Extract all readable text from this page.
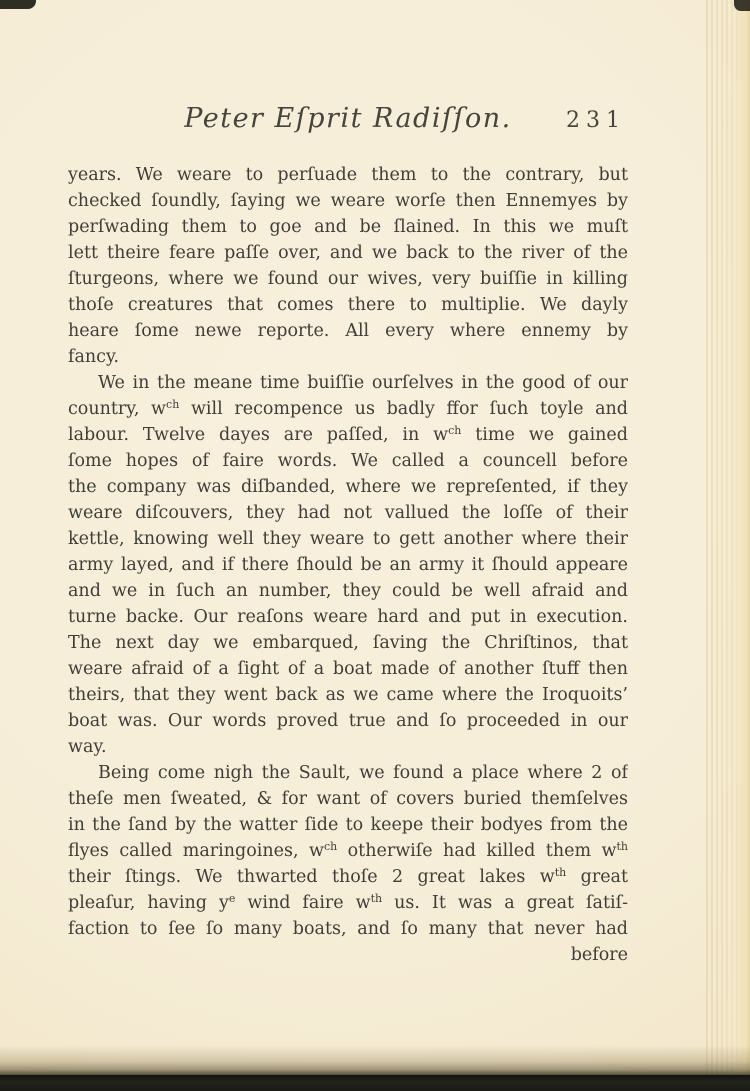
Peter Eſprit Radiſſon. 231
years. We weare to perſuade them to the contrary, but
checked ſoundly, ſaying we weare worſe then Ennemyes by
perſwading them to goe and be ſlained. In this we muſt
lett theire feare paſſe over, and we back to the river of the
ſturgeons, where we found our wives, very buiſſie in killing
thoſe creatures that comes there to multiplie. We dayly
heare ſome newe reporte. All every where ennemy by
fancy.
We in the meane time buiſſie ourſelves in the good of our
country, $w^{ch}$ will recompence us badly ffor ſuch toyle and
labour. Twelve dayes are paſſed, in $w^{ch}$ time we gained
ſome hopes of faire words. We called a councell before
the company was diſbanded, where we repreſented, if they
weare diſcouvers, they had not vallued the loſſe of their
kettle, knowing well they weare to gett another where their
army layed, and if there ſhould be an army it ſhould appeare
and we in ſuch an number, they could be well afraid and
turne backe. Our reaſons weare hard and put in execution.
The next day we embarqued, ſaving the Chriſtinos, that
weare afraid of a ſight of a boat made of another ſtuff then
theirs, that they went back as we came where the Iroquoits’
boat was. Our words proved true and ſo proceeded in our
way.
Being come nigh the Sault, we found a place where 2 of
theſe men ſweated, & for want of covers buried themſelves
in the ſand by the watter ſide to keepe their bodyes from the
flyes called maringoines, $w^{ch}$ otherwiſe had killed them $w^{th}$
their ſtings. We thwarted thoſe 2 great lakes $w^{th}$ great
pleaſur, having $y^e$ wind faire $w^{th}$ us. It was a great ſatiſ-
faction to ſee ſo many boats, and ſo many that never had
before
